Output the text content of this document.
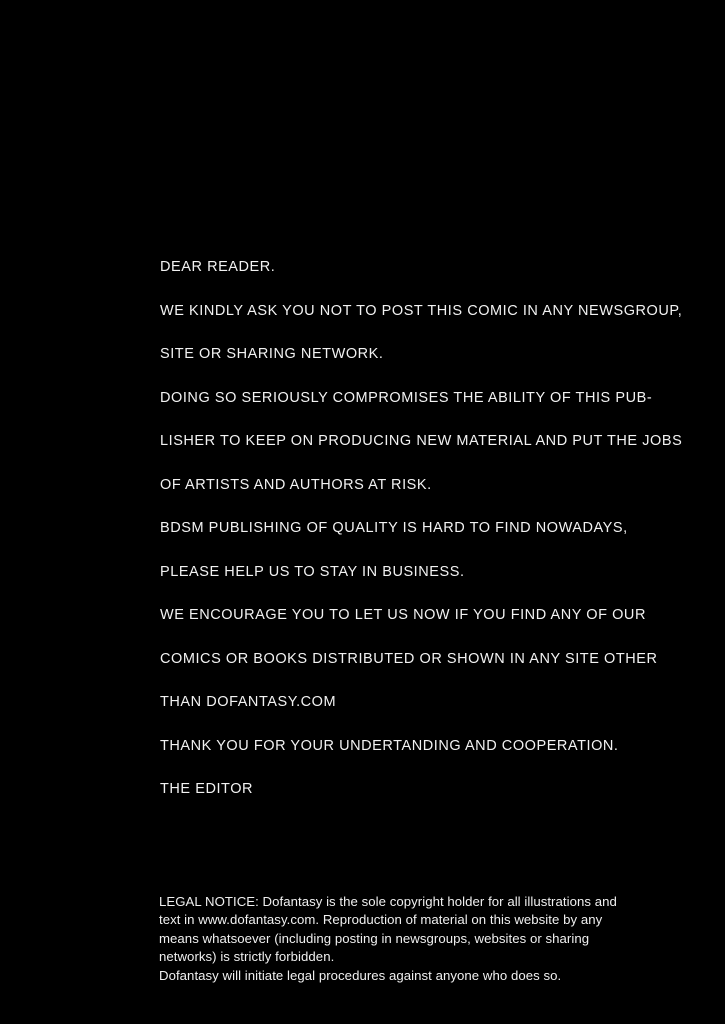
DEAR READER.
WE KINDLY ASK YOU NOT TO POST THIS COMIC IN ANY NEWSGROUP,
SITE OR SHARING NETWORK.
DOING SO SERIOUSLY COMPROMISES THE ABILITY OF THIS PUB-
LISHER TO KEEP ON PRODUCING NEW MATERIAL AND PUT THE JOBS
OF ARTISTS AND AUTHORS AT RISK.
BDSM PUBLISHING OF QUALITY IS HARD TO FIND NOWADAYS,
PLEASE HELP US TO STAY IN BUSINESS.
WE ENCOURAGE YOU TO LET US NOW IF YOU FIND ANY OF OUR
COMICS OR BOOKS DISTRIBUTED OR SHOWN IN ANY SITE OTHER
THAN DOFANTASY.COM
THANK YOU FOR YOUR UNDERTANDING AND COOPERATION.
THE EDITOR
LEGAL NOTICE: Dofantasy is the sole copyright holder for all illustrations and
text in www.dofantasy.com. Reproduction of material on this website by any
means whatsoever (including posting in newsgroups, websites or sharing
networks) is strictly forbidden.
Dofantasy will initiate legal procedures against anyone who does so.
